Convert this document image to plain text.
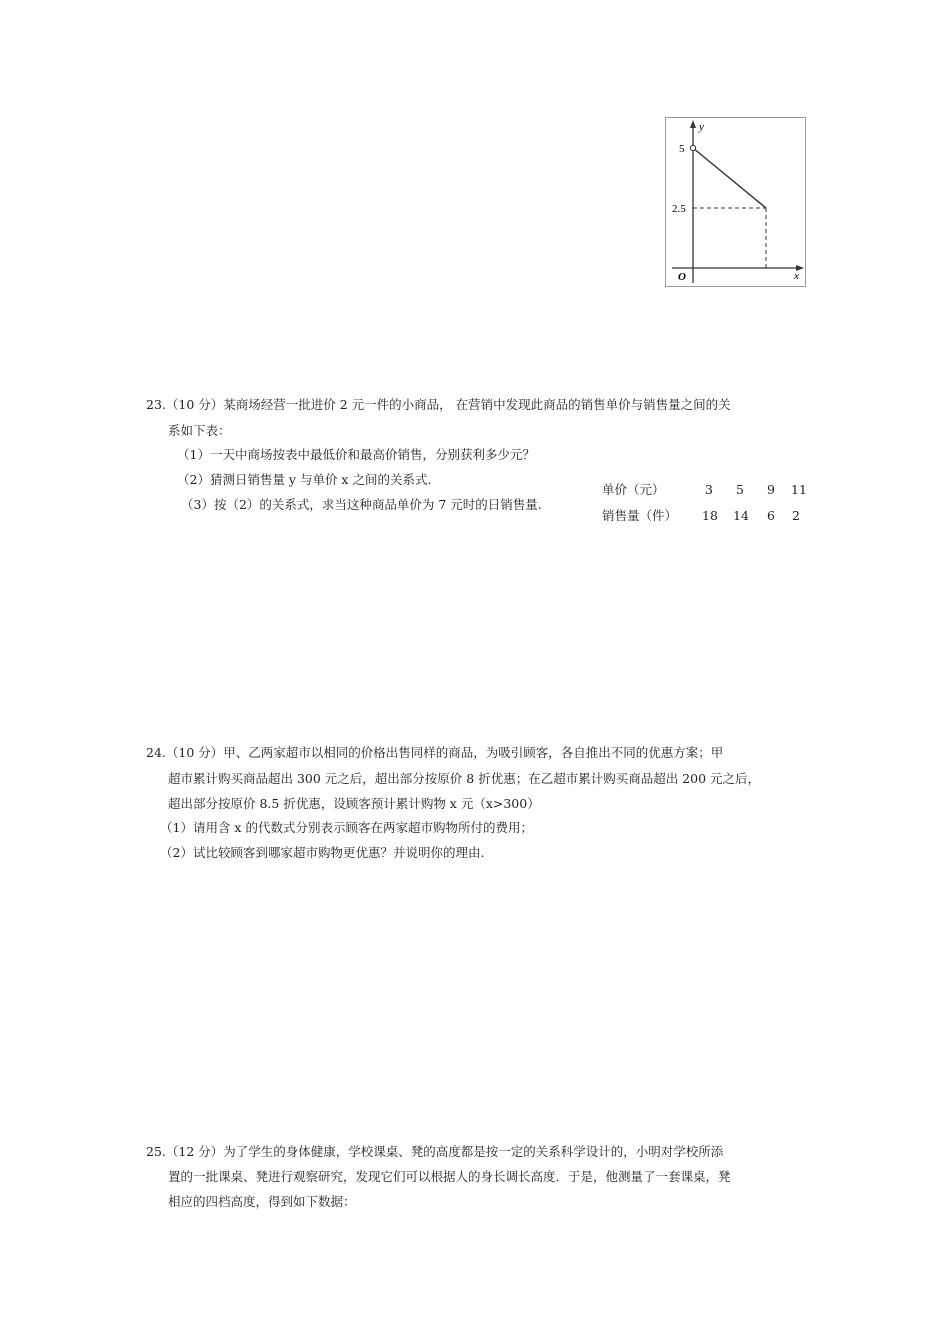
y
x
O
5
2.5
23.（10 分）某商场经营一批进价 2 元一件的小商品， 在营销中发现此商品的销售单价与销售量之间的关
系如下表：
（1）一天中商场按表中最低价和最高价销售，分别获利多少元？
（2）猜测日销售量 y 与单价 x 之间的关系式.
（3）按（2）的关系式，求当这种商品单价为 7 元时的日销售量.
单价（元）	3 5 9 11
销售量（件） 18 14 6 2
24.（10 分）甲、乙两家超市以相同的价格出售同样的商品，为吸引顾客，各自推出不同的优惠方案；甲
超市累计购买商品超出 300 元之后，超出部分按原价 8 折优惠；在乙超市累计购买商品超出 200 元之后，
超出部分按原价 8.5 折优惠，设顾客预计累计购物 x 元（x>300）
（1）请用含 x 的代数式分别表示顾客在两家超市购物所付的费用；
（2）试比较顾客到哪家超市购物更优惠？并说明你的理由.
25.（12 分）为了学生的身体健康，学校课桌、凳的高度都是按一定的关系科学设计的，小明对学校所添
置的一批课桌、凳进行观察研究，发现它们可以根据人的身长调长高度．于是，他测量了一套课桌，凳
相应的四档高度，得到如下数据：
